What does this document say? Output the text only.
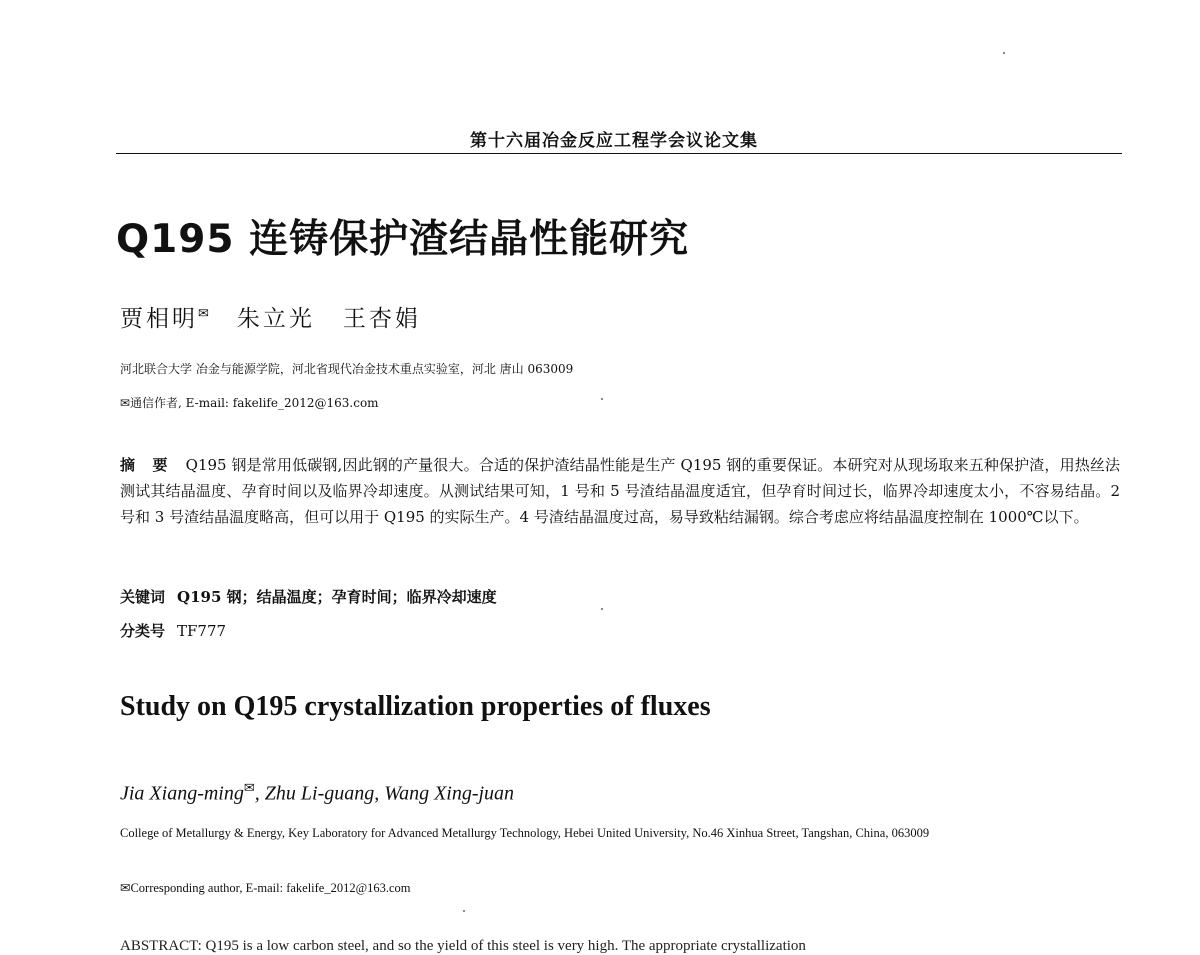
第十六届冶金反应工程学会议论文集
Q195 连铸保护渣结晶性能研究
贾相明✉ 朱立光 王杏娟
河北联合大学 冶金与能源学院，河北省现代冶金技术重点实验室，河北 唐山 063009
✉通信作者, E-mail: fakelife_2012@163.com
摘 要 Q195 钢是常用低碳钢,因此钢的产量很大。合适的保护渣结晶性能是生产 Q195 钢的重要保证。本研究对从现场取来五种保护渣，用热丝法测试其结晶温度、孕育时间以及临界冷却速度。从测试结果可知，1 号和 5 号渣结晶温度适宜，但孕育时间过长，临界冷却速度太小，不容易结晶。2 号和 3 号渣结晶温度略高，但可以用于 Q195 的实际生产。4 号渣结晶温度过高，易导致粘结漏钢。综合考虑应将结晶温度控制在 1000℃以下。
关键词 Q195 钢；结晶温度；孕育时间；临界冷却速度
分类号 TF777
Study on Q195 crystallization properties of fluxes
Jia Xiang-ming✉, Zhu Li-guang, Wang Xing-juan
College of Metallurgy & Energy, Key Laboratory for Advanced Metallurgy Technology, Hebei United University, No.46 Xinhua Street, Tangshan, China, 063009
✉Corresponding author, E-mail: fakelife_2012@163.com
ABSTRACT: Q195 is a low carbon steel, and so the yield of this steel is very high. The appropriate crystallization
